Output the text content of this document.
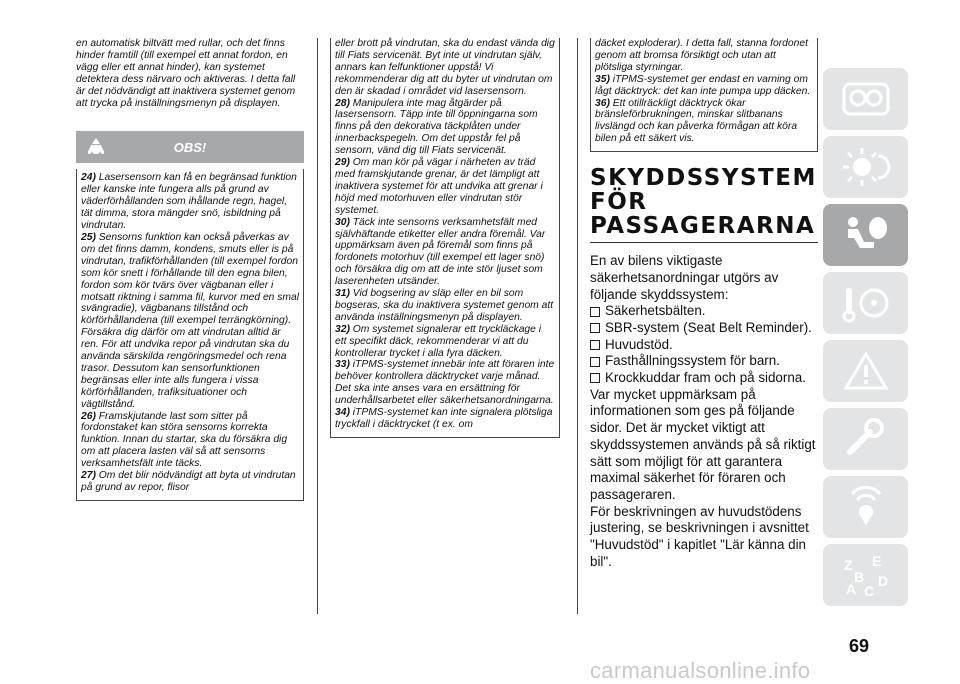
en automatisk biltvätt med rullar, och det finns hinder framtill (till exempel ett annat fordon, en vägg eller ett annat hinder), kan systemet detektera dess närvaro och aktiveras. I detta fall är det nödvändigt att inaktivera systemet genom att trycka på inställningsmenyn på displayen.

OBS!

24) Lasersensorn kan få en begränsad funktion eller kanske inte fungera alls på grund av väderförhållanden som ihållande regn, hagel, tät dimma, stora mängder snö, isbildning på vindrutan.

25) Sensorns funktion kan också påverkas av om det finns damm, kondens, smuts eller is på vindrutan, trafikförhållanden (till exempel fordon som kör snett i förhållande till den egna bilen, fordon som kör tvärs över vägbanan eller i motsatt riktning i samma fil, kurvor med en smal svängradie), vägbanans tillstånd och körförhållandena (till exempel terrängkörning). Försäkra dig därför om att vindrutan alltid är ren. För att undvika repor på vindrutan ska du använda särskilda rengöringsmedel och rena trasor. Dessutom kan sensorfunktionen begränsas eller inte alls fungera i vissa körförhållanden, trafiksituationer och vägtillstånd.

26) Framskjutande last som sitter på fordonstaket kan störa sensorns korrekta funktion. Innan du startar, ska du försäkra dig om att placera lasten väl så att sensorns verksamhetsfält inte täcks.

27) Om det blir nödvändigt att byta ut vindrutan på grund av repor, flisor

eller brott på vindrutan, ska du endast vända dig till Fiats servicenät. Byt inte ut vindrutan själv, annars kan felfunktioner uppstå! Vi rekommenderar dig att du byter ut vindrutan om den är skadad i området vid lasersensorn.

28) Manipulera inte mag åtgärder på lasersensorn. Täpp inte till öppningarna som finns på den dekorativa täckplåten under innerbackspegeln. Om det uppstår fel på sensorn, vänd dig till Fiats servicenät.

29) Om man kör på vägar i närheten av träd med framskjutande grenar, är det lämpligt att inaktivera systemet för att undvika att grenar i höjd med motorhuven eller vindrutan stör systemet.

30) Täck inte sensorns verksamhetsfält med självhäftande etiketter eller andra föremål. Var uppmärksam även på föremål som finns på fordonets motorhuv (till exempel ett lager snö) och försäkra dig om att de inte stör ljuset som laserenheten utsänder.

31) Vid bogsering av släp eller en bil som bogseras, ska du inaktivera systemet genom att använda inställningsmenyn på displayen.

32) Om systemet signalerar ett tryckläckage i ett specifikt däck, rekommenderar vi att du kontrollerar trycket i alla fyra däcken.

33) iTPMS-systemet innebär inte att föraren inte behöver kontrollera däcktrycket varje månad. Det ska inte anses vara en ersättning för underhållsarbetet eller säkerhetsanordningarna.

34) iTPMS-systemet kan inte signalera plötsliga tryckfall i däcktrycket (t ex. om

däcket exploderar). I detta fall, stanna fordonet genom att bromsa försiktigt och utan att plötsliga styrningar.

35) iTPMS-systemet ger endast en varning om lågt däcktryck: det kan inte pumpa upp däcken.

36) Ett otillräckligt däcktryck ökar bränsleförbrukningen, minskar slitbanans livslängd och kan påverka förmågan att köra bilen på ett säkert vis.

SKYDDSSYSTEM
FÖR
PASSAGERARNA

En av bilens viktigaste säkerhetsanordningar utgörs av följande skyddssystem:

Säkerhetsbälten.
SBR-system (Seat Belt Reminder).
Huvudstöd.
Fasthållningssystem för barn.
Krockkuddar fram och på sidorna.

Var mycket uppmärksam på informationen som ges på följande sidor. Det är mycket viktigt att skyddssystemen används på så riktigt sätt som möjligt för att garantera maximal säkerhet för föraren och passageraren.

För beskrivningen av huvudstödens justering, se beskrivningen i avsnittet "Huvudstöd" i kapitlet "Lär känna din bil".	Z E
B D
A C
69
carmanualsonline.info
